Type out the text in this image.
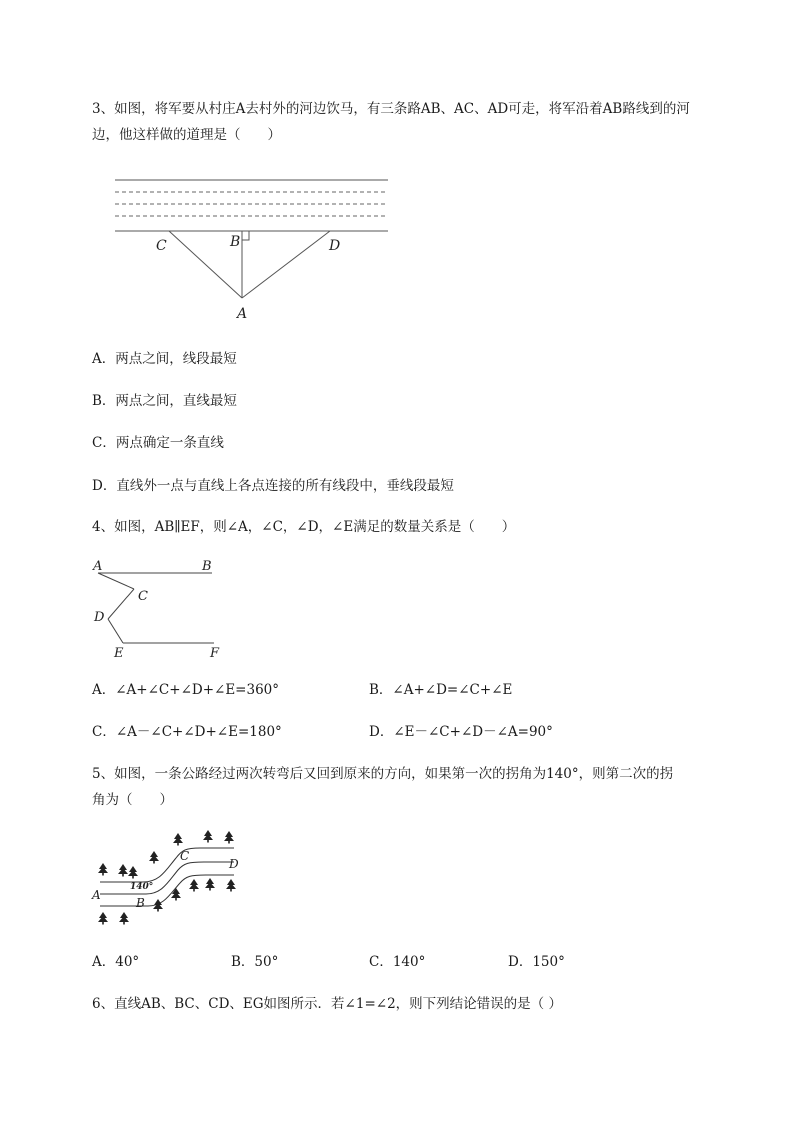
3、如图，将军要从村庄A去村外的河边饮马，有三条路AB、AC、AD可走，将军沿着AB路线到的河
边，他这样做的道理是（　　）
C	B	D
A
A．两点之间，线段最短
B．两点之间，直线最短
C．两点确定一条直线
D．直线外一点与直线上各点连接的所有线段中，垂线段最短
4、如图，AB∥EF，则∠A，∠C，∠D，∠E满足的数量关系是（　　）
A	B
C
D
E	F
A．∠A+∠C+∠D+∠E=360°	B．∠A+∠D=∠C+∠E
C．∠A－∠C+∠D+∠E=180°	D．∠E－∠C+∠D－∠A=90°
5、如图，一条公路经过两次转弯后又回到原来的方向，如果第一次的拐角为140°，则第二次的拐
角为（　　）
A
B
C
D
140°
A．40°	B．50°	C．140°	D．150°
6、直线AB、BC、CD、EG如图所示．若∠1=∠2，则下列结论错误的是（ ）
